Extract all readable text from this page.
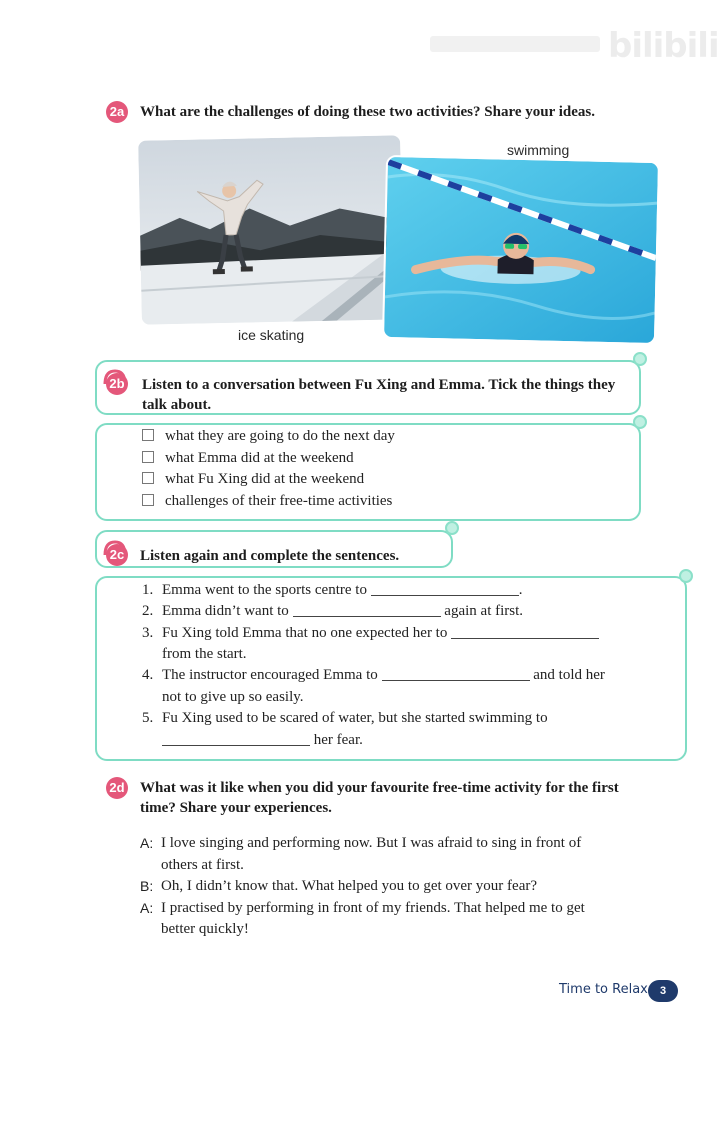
bilibili
2a What are the challenges of doing these two activities? Share your ideas.
ice skating
swimming
2b Listen to a conversation between Fu Xing and Emma. Tick the things they
talk about.
what they are going to do the next day
what Emma did at the weekend
what Fu Xing did at the weekend
challenges of their free-time activities
2c Listen again and complete the sentences.
1. Emma went to the sports centre to	.
2. Emma didn’t want to	again at first.
3. Fu Xing told Emma that no one expected her to
from the start.
4. The instructor encouraged Emma to	and told her
not to give up so easily.
5. Fu Xing used to be scared of water, but she started swimming to
her fear.
2d What was it like when you did your favourite free-time activity for the first
time? Share your experiences.
A: I love singing and performing now. But I was afraid to sing in front of
others at first.
B: Oh, I didn’t know that. What helped you to get over your fear?
A: I practised by performing in front of my friends. That helped me to get
better quickly!
Time to Relax	3
